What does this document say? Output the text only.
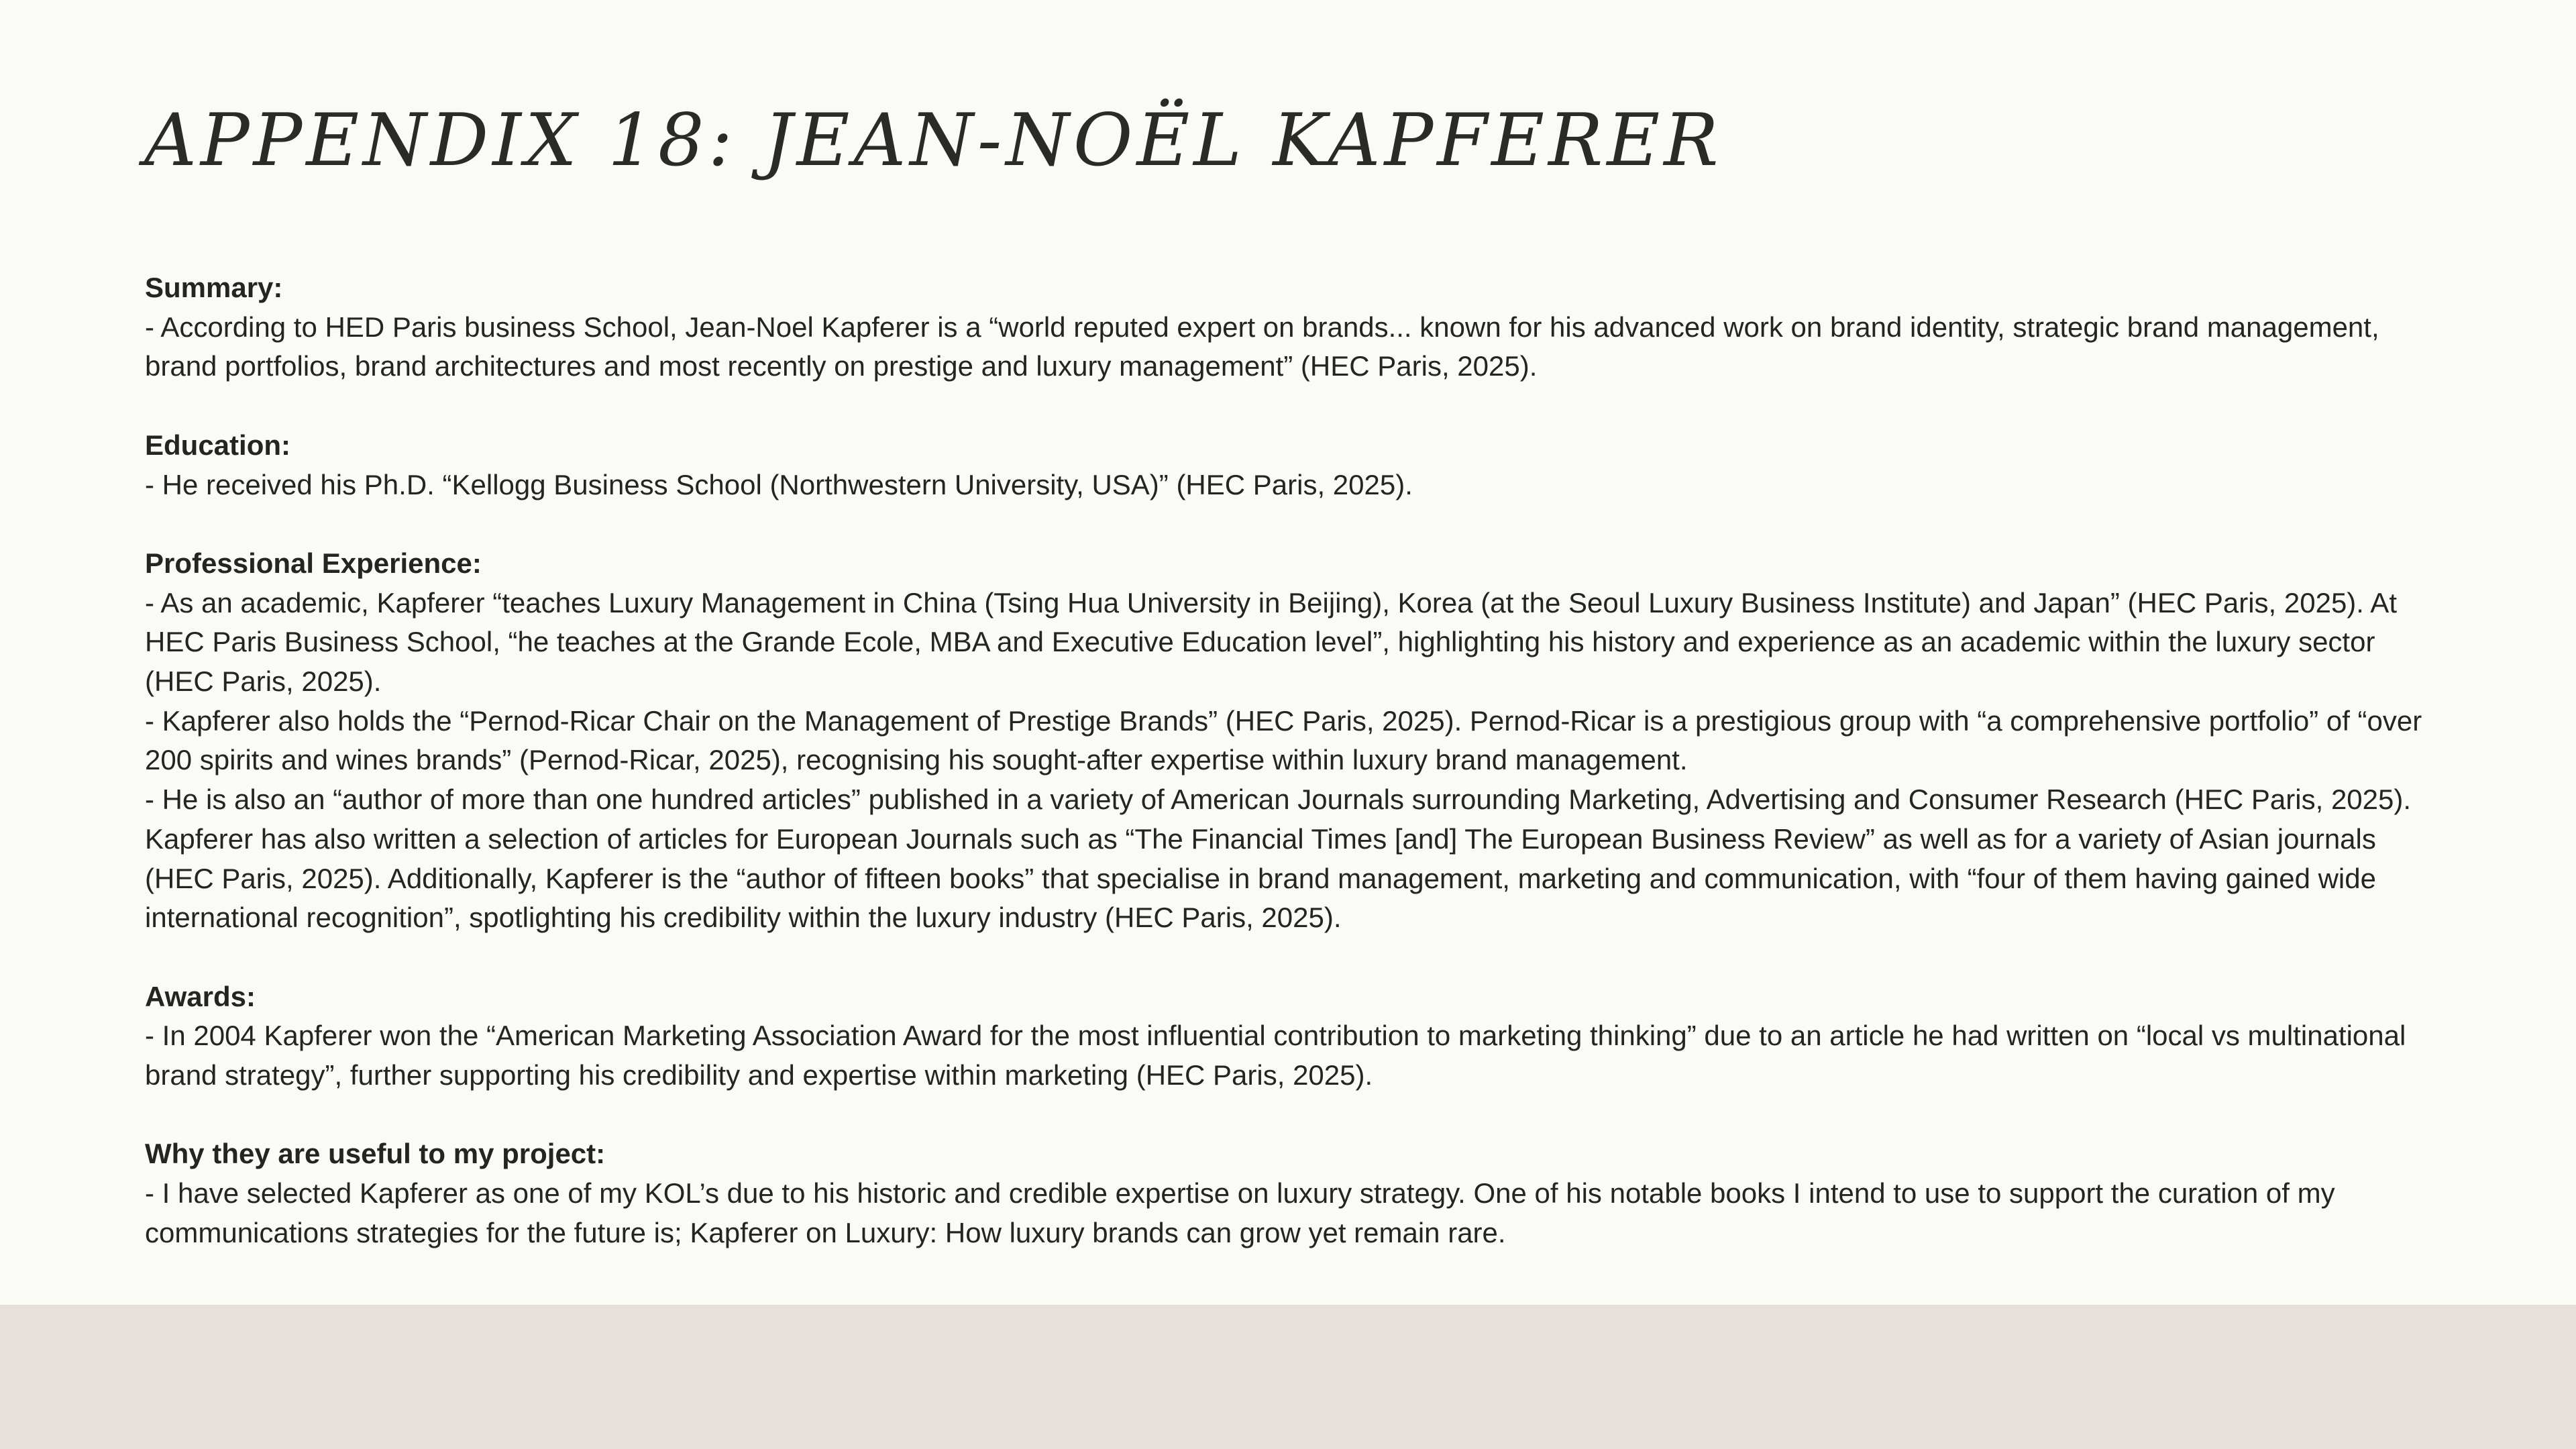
APPENDIX 18: JEAN-NOËL KAPFERER

Summary:

- According to HED Paris business School, Jean-Noel Kapferer is a “world reputed expert on brands... known for his advanced work on brand identity, strategic brand management, brand portfolios, brand architectures and most recently on prestige and luxury management” (HEC Paris, 2025).

Education:

- He received his Ph.D. “Kellogg Business School (Northwestern University, USA)” (HEC Paris, 2025).

Professional Experience:

- As an academic, Kapferer “teaches Luxury Management in China (Tsing Hua University in Beijing), Korea (at the Seoul Luxury Business Institute) and Japan” (HEC Paris, 2025). At HEC Paris Business School, “he teaches at the Grande Ecole, MBA and Executive Education level”, highlighting his history and experience as an academic within the luxury sector (HEC Paris, 2025).

- Kapferer also holds the “Pernod-Ricar Chair on the Management of Prestige Brands” (HEC Paris, 2025). Pernod-Ricar is a prestigious group with “a comprehensive portfolio” of “over 200 spirits and wines brands” (Pernod-Ricar, 2025), recognising his sought-after expertise within luxury brand management.

- He is also an “author of more than one hundred articles” published in a variety of American Journals surrounding Marketing, Advertising and Consumer Research (HEC Paris, 2025). Kapferer has also written a selection of articles for European Journals such as “The Financial Times [and] The European Business Review” as well as for a variety of Asian journals (HEC Paris, 2025). Additionally, Kapferer is the “author of fifteen books” that specialise in brand management, marketing and communication, with “four of them having gained wide international recognition”, spotlighting his credibility within the luxury industry (HEC Paris, 2025).

Awards:

- In 2004 Kapferer won the “American Marketing Association Award for the most influential contribution to marketing thinking” due to an article he had written on “local vs multinational brand strategy”, further supporting his credibility and expertise within marketing (HEC Paris, 2025).

Why they are useful to my project:

- I have selected Kapferer as one of my KOL’s due to his historic and credible expertise on luxury strategy. One of his notable books I intend to use to support the curation of my communications strategies for the future is; Kapferer on Luxury: How luxury brands can grow yet remain rare.
